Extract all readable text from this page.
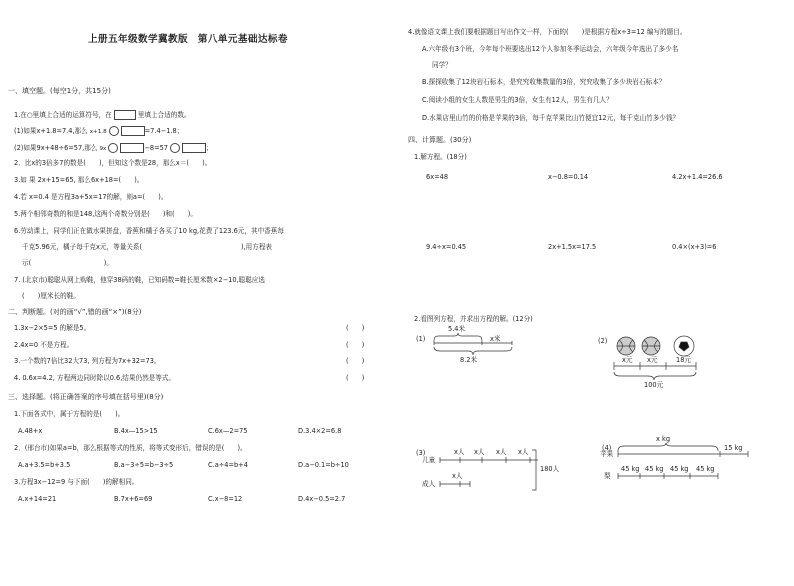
上册五年级数学冀教版　第八单元基础达标卷
一、填空题。(每空1分，共15分)
1.在○里填上合适的运算符号，在	里填上合适的数。
(1)如果x+1.8=7.4,那么 x+1.8	=7.4−1.8；
(2)如果9x+48÷6=57,那么 9x	−8=57	；
2．比x的3倍多7的数是(　　)，但知这个数是28，那么x＝(　　)。
3.如 果 2x+15=65, 那么6x+18=(　　)。
4.若 x=0.4 是方程3a+5x=17的解，则a=(　　)。
5.两个相邻奇数的和是148,这两个奇数分别是(　　)和(　　)。
6.劳动课上，同学们正在做水果拼盘，香蕉和橘子各买了10 kg,花费了123.6元，其中香蕉每
千克5.96元，橘子每千克x元，等量关系(　　　　　　　　　　　　　　　),用方程表
示(　　　　　　　　　　　)。
7. (北京市)聪聪从网上购鞋，他穿38码的鞋，已知码数=鞋长厘米数×2−10,聪聪应选
(　　)厘米长的鞋。
二、判断题。(对的画“√”,错的画“×”)(8分)
1.3x−2×5=5 的解是5。
2.4x=0 不是方程。
3.一个数的7倍比32大73, 列方程为7x+32=73。
4. 0.6x=4.2, 方程两边同时除以0.6,结果仍然是等式。
(　　)
(　　)
(　　)
(　　)
三、选择题。(将正确答案的序号填在括号里)(8分)
1.下面各式中，属于方程的是(　　)。
A.48+x	B.4x—15>15	C.6x—2=75	D.3.4×2=6.8
2．(邢台市)如果a=b，那么根据等式的性质，将等式变形后，错误的是(　　)。
A.a+3.5=b+3.5	B.a−3÷5=b−3÷5	C.a÷4=b+4	D.a−0.1=b÷10
3.方程3x−12=9 与下面(　　)的解相同。
A.x+14=21	B.7x+6=69	C.x−8=12	D.4x−0.5=2.7
4.就像语文课上我们要根据题目写出作文一样，下面的(　　)是根据方程x÷3=12 编写的题目。
A.六年级有3个班，今年每个班要选出12个人参加冬季运动会，六年级今年选出了多少名
同学？
B.探探收集了12块岩石标本，是究究收集数量的3倍，究究收集了多少块岩石标本？
C.阅读小组的女生人数是男生的3倍，女生有12人，男生有几人？
D.水果店里山竹的价格是苹果的3倍，每千克苹果比山竹便宜12元，每千克山竹多少钱？
四、计算题。(30分)
1.解方程。(18分)
6x=48	x−0.8=0.14	4.2x+1.4=26.6
9.4÷x=0.45	2x+1.5x=17.5	0.4×(x+3)=6
2.看图列方程，并求出方程的解。(12分)
(1)
5.4米
x米
8.2米
(2)
x元 x元	18元
100元
(3)
儿童
成人
x人 x人 x人 x人
x人
180人
(4)
苹果
梨
x kg
15 kg
45 kg 45 kg 45 kg 45 kg
